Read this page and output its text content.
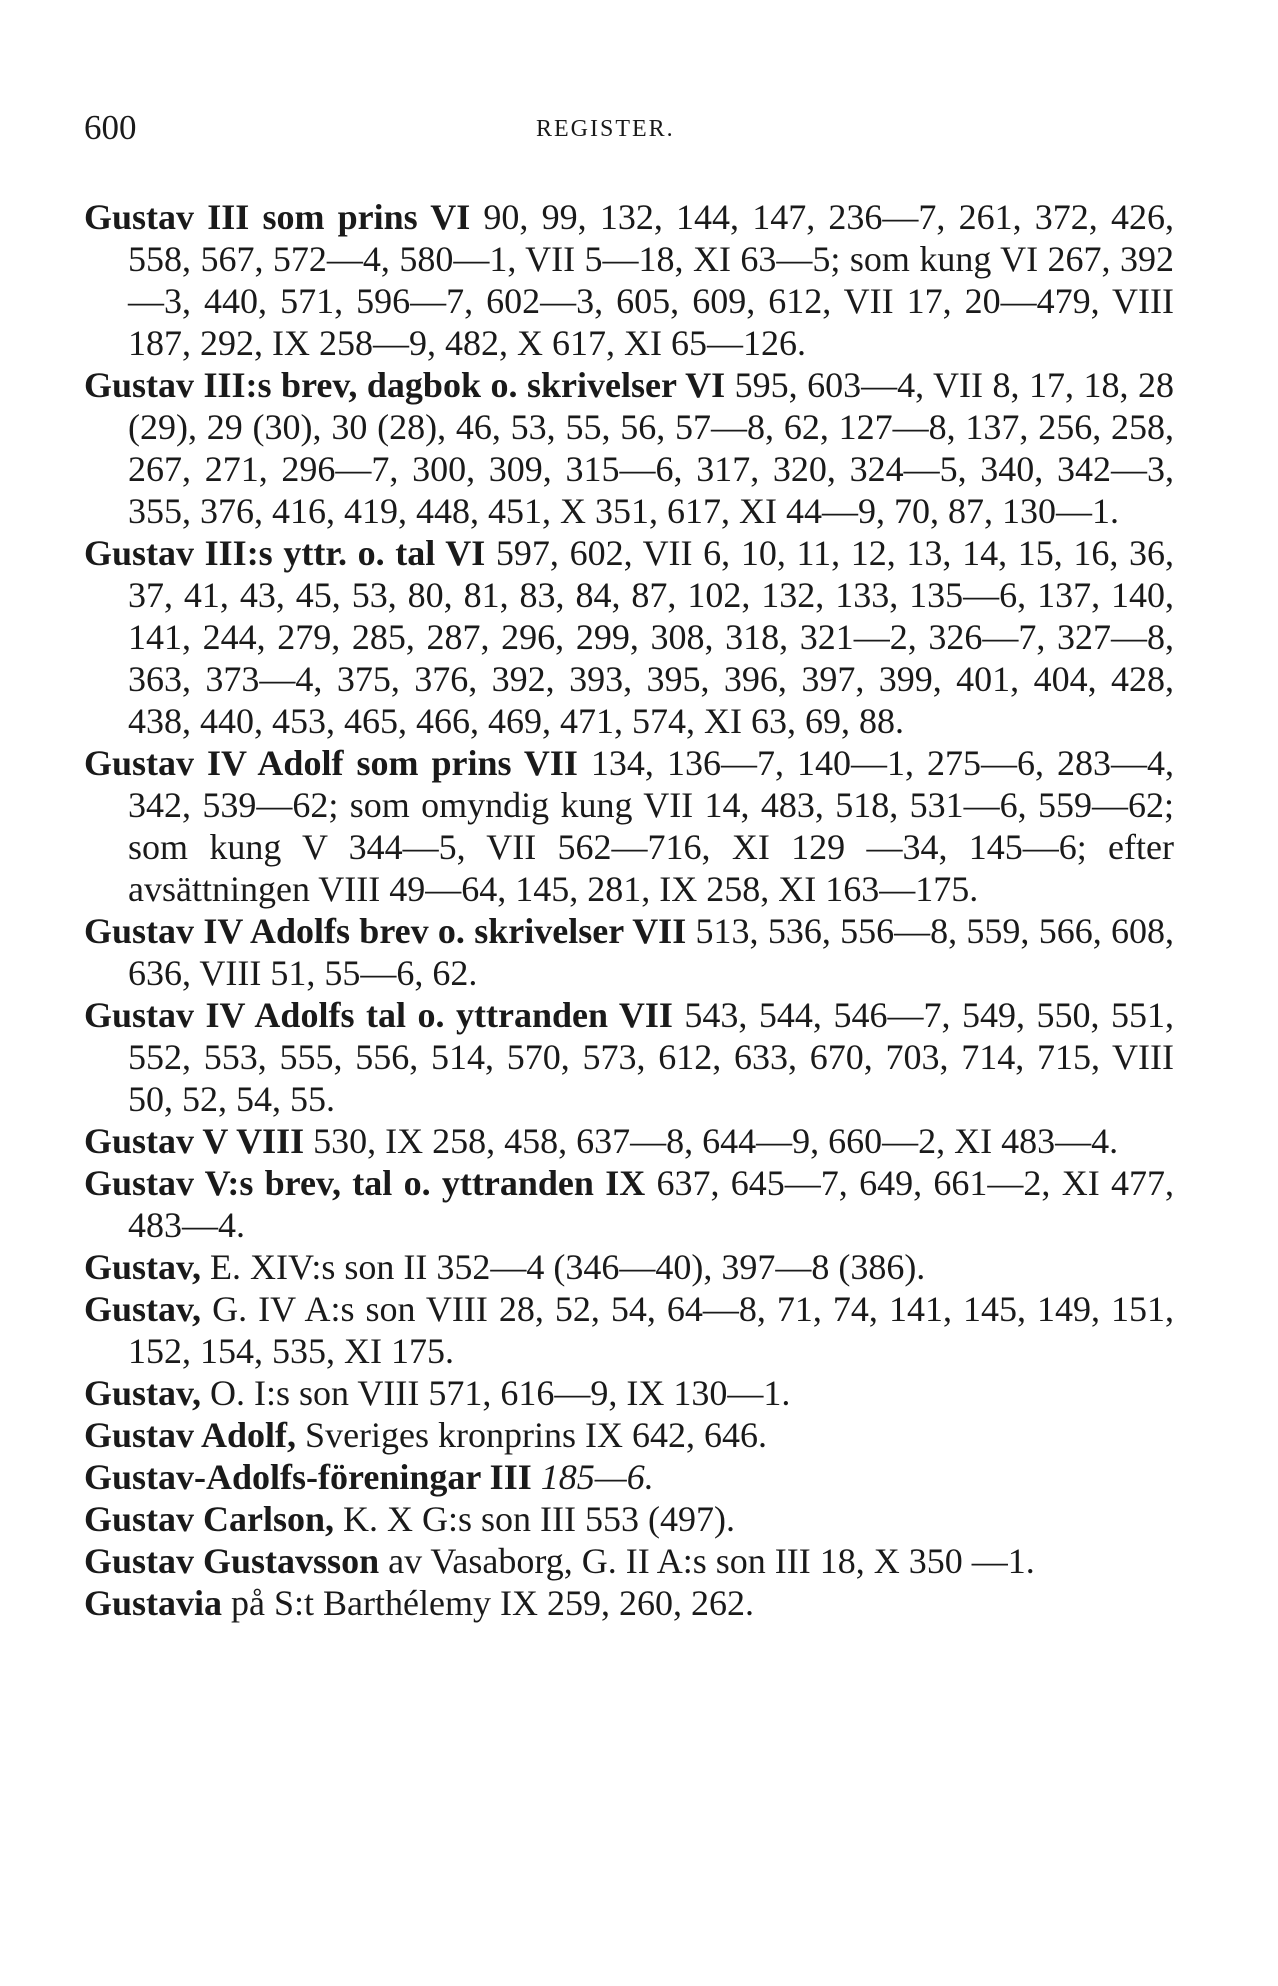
600	REGISTER.

Gustav III som prins VI 90, 99, 132, 144, 147, 236—7, 261, 372, 426, 558, 567, 572—4, 580—1, VII 5—18, XI 63—5; som kung VI 267, 392—3, 440, 571, 596—7, 602—3, 605, 609, 612, VII 17, 20—479, VIII 187, 292, IX 258—9, 482, X 617, XI 65—126.

Gustav III:s brev, dagbok o. skrivelser VI 595, 603—4, VII 8, 17, 18, 28 (29), 29 (30), 30 (28), 46, 53, 55, 56, 57—8, 62, 127—8, 137, 256, 258, 267, 271, 296—7, 300, 309, 315—6, 317, 320, 324—5, 340, 342—3, 355, 376, 416, 419, 448, 451, X 351, 617, XI 44—9, 70, 87, 130—1.

Gustav III:s yttr. o. tal VI 597, 602, VII 6, 10, 11, 12, 13, 14, 15, 16, 36, 37, 41, 43, 45, 53, 80, 81, 83, 84, 87, 102, 132, 133, 135—6, 137, 140, 141, 244, 279, 285, 287, 296, 299, 308, 318, 321—2, 326—7, 327—8, 363, 373—4, 375, 376, 392, 393, 395, 396, 397, 399, 401, 404, 428, 438, 440, 453, 465, 466, 469, 471, 574, XI 63, 69, 88.

Gustav IV Adolf som prins VII 134, 136—7, 140—1, 275—6, 283—4, 342, 539—62; som omyndig kung VII 14, 483, 518, 531—6, 559—62; som kung V 344—5, VII 562—716, XI 129 —34, 145—6; efter avsättningen VIII 49—64, 145, 281, IX 258, XI 163—175.

Gustav IV Adolfs brev o. skrivelser VII 513, 536, 556—8, 559, 566, 608, 636, VIII 51, 55—6, 62.

Gustav IV Adolfs tal o. yttranden VII 543, 544, 546—7, 549, 550, 551, 552, 553, 555, 556, 514, 570, 573, 612, 633, 670, 703, 714, 715, VIII 50, 52, 54, 55.

Gustav V VIII 530, IX 258, 458, 637—8, 644—9, 660—2, XI 483—4.

Gustav V:s brev, tal o. yttranden IX 637, 645—7, 649, 661—2, XI 477, 483—4.

Gustav, E. XIV:s son II 352—4 (346—40), 397—8 (386).

Gustav, G. IV A:s son VIII 28, 52, 54, 64—8, 71, 74, 141, 145, 149, 151, 152, 154, 535, XI 175.

Gustav, O. I:s son VIII 571, 616—9, IX 130—1.

Gustav Adolf, Sveriges kronprins IX 642, 646.

Gustav-Adolfs-föreningar III 185—6.

Gustav Carlson, K. X G:s son III 553 (497).

Gustav Gustavsson av Vasaborg, G. II A:s son III 18, X 350 —1.

Gustavia på S:t Barthélemy IX 259, 260, 262.
